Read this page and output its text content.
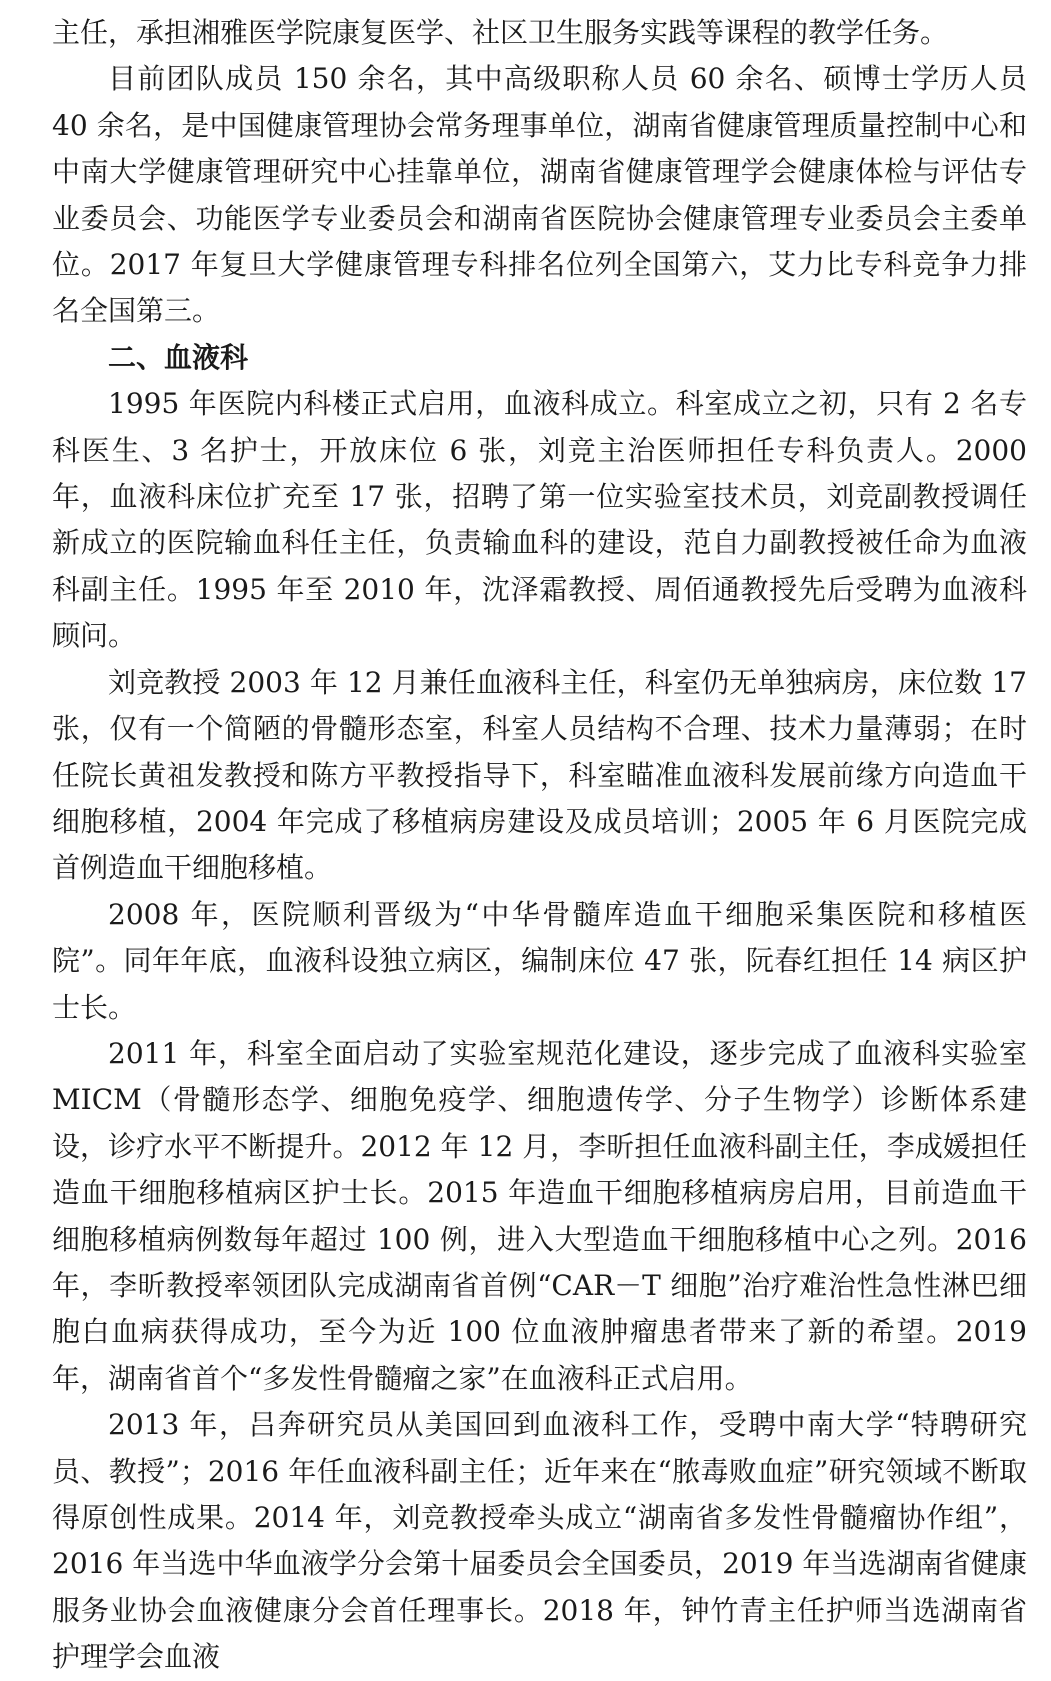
主任，承担湘雅医学院康复医学、社区卫生服务实践等课程的教学任务。

目前团队成员 150 余名，其中高级职称人员 60 余名、硕博士学历人员 40 余名，是中国健康管理协会常务理事单位，湖南省健康管理质量控制中心和中南大学健康管理研究中心挂靠单位，湖南省健康管理学会健康体检与评估专业委员会、功能医学专业委员会和湖南省医院协会健康管理专业委员会主委单位。2017 年复旦大学健康管理专科排名位列全国第六，艾力比专科竞争力排名全国第三。

二、血液科

1995 年医院内科楼正式启用，血液科成立。科室成立之初，只有 2 名专科医生、3 名护士，开放床位 6 张，刘竞主治医师担任专科负责人。2000 年，血液科床位扩充至 17 张，招聘了第一位实验室技术员，刘竞副教授调任新成立的医院输血科任主任，负责输血科的建设，范自力副教授被任命为血液科副主任。1995 年至 2010 年，沈泽霜教授、周佰通教授先后受聘为血液科顾问。

刘竞教授 2003 年 12 月兼任血液科主任，科室仍无单独病房，床位数 17 张，仅有一个简陋的骨髓形态室，科室人员结构不合理、技术力量薄弱；在时任院长黄祖发教授和陈方平教授指导下，科室瞄准血液科发展前缘方向造血干细胞移植，2004 年完成了移植病房建设及成员培训；2005 年 6 月医院完成首例造血干细胞移植。

2008 年，医院顺利晋级为“中华骨髓库造血干细胞采集医院和移植医院”。同年年底，血液科设独立病区，编制床位 47 张，阮春红担任 14 病区护士长。

2011 年，科室全面启动了实验室规范化建设，逐步完成了血液科实验室 MICM（骨髓形态学、细胞免疫学、细胞遗传学、分子生物学）诊断体系建设，诊疗水平不断提升。2012 年 12 月，李昕担任血液科副主任，李成媛担任造血干细胞移植病区护士长。2015 年造血干细胞移植病房启用，目前造血干细胞移植病例数每年超过 100 例，进入大型造血干细胞移植中心之列。2016 年，李昕教授率领团队完成湖南省首例“CAR－T 细胞”治疗难治性急性淋巴细胞白血病获得成功，至今为近 100 位血液肿瘤患者带来了新的希望。2019 年，湖南省首个“多发性骨髓瘤之家”在血液科正式启用。

2013 年，吕奔研究员从美国回到血液科工作，受聘中南大学“特聘研究员、教授”；2016 年任血液科副主任；近年来在“脓毒败血症”研究领域不断取得原创性成果。2014 年，刘竞教授牵头成立“湖南省多发性骨髓瘤协作组”，2016 年当选中华血液学分会第十届委员会全国委员，2019 年当选湖南省健康服务业协会血液健康分会首任理事长。2018 年，钟竹青主任护师当选湖南省护理学会血液
